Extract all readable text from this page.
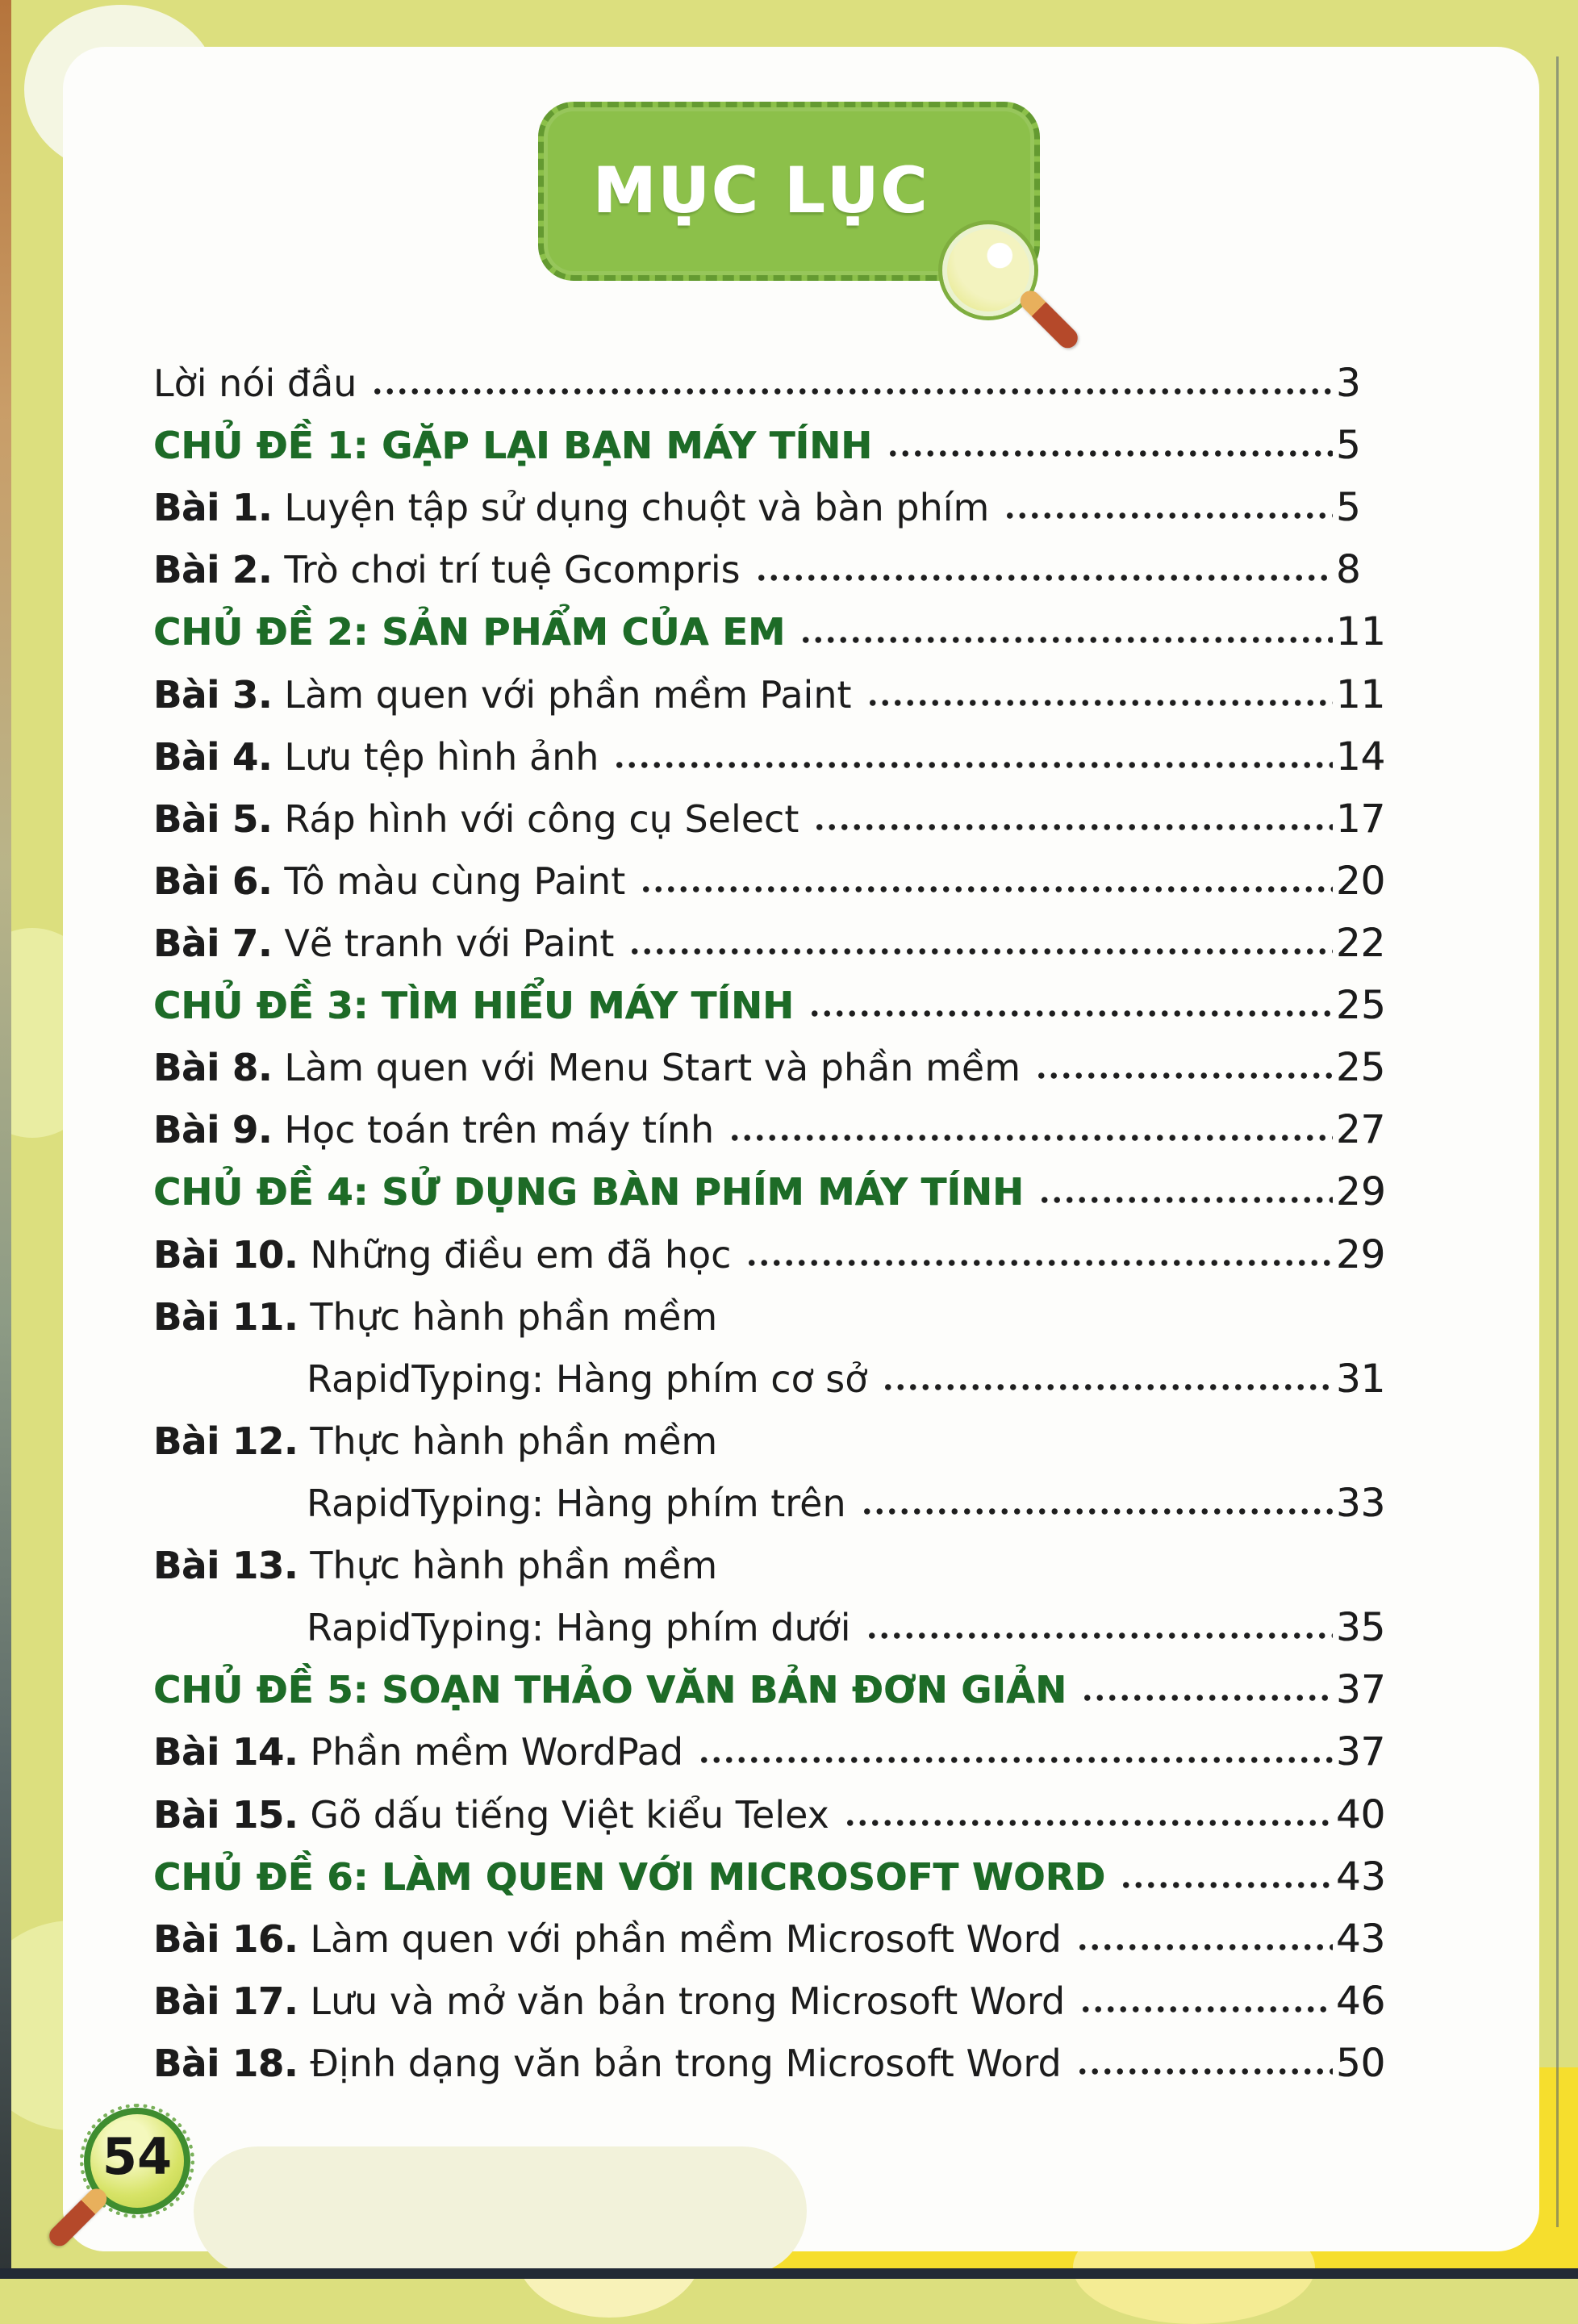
MỤC LỤC
Lời nói đầu	3
CHỦ ĐỀ 1: GẶP LẠI BẠN MÁY TÍNH	5
Bài 1. Luyện tập sử dụng chuột và bàn phím	5
Bài 2. Trò chơi trí tuệ Gcompris	8
CHỦ ĐỀ 2: SẢN PHẨM CỦA EM	11
Bài 3. Làm quen với phần mềm Paint	11
Bài 4. Lưu tệp hình ảnh	14
Bài 5. Ráp hình với công cụ Select	17
Bài 6. Tô màu cùng Paint	20
Bài 7. Vẽ tranh với Paint	22
CHỦ ĐỀ 3: TÌM HIỂU MÁY TÍNH	25
Bài 8. Làm quen với Menu Start và phần mềm	25
Bài 9. Học toán trên máy tính	27
CHỦ ĐỀ 4: SỬ DỤNG BÀN PHÍM MÁY TÍNH	29
Bài 10. Những điều em đã học	29
Bài 11. Thực hành phần mềm
RapidTyping: Hàng phím cơ sở	31
Bài 12. Thực hành phần mềm
RapidTyping: Hàng phím trên	33
Bài 13. Thực hành phần mềm
RapidTyping: Hàng phím dưới	35
CHỦ ĐỀ 5: SOẠN THẢO VĂN BẢN ĐƠN GIẢN	37
Bài 14. Phần mềm WordPad	37
Bài 15. Gõ dấu tiếng Việt kiểu Telex	40
CHỦ ĐỀ 6: LÀM QUEN VỚI MICROSOFT WORD	43
Bài 16. Làm quen với phần mềm Microsoft Word	43
Bài 17. Lưu và mở văn bản trong Microsoft Word	46
Bài 18. Định dạng văn bản trong Microsoft Word	50
54
